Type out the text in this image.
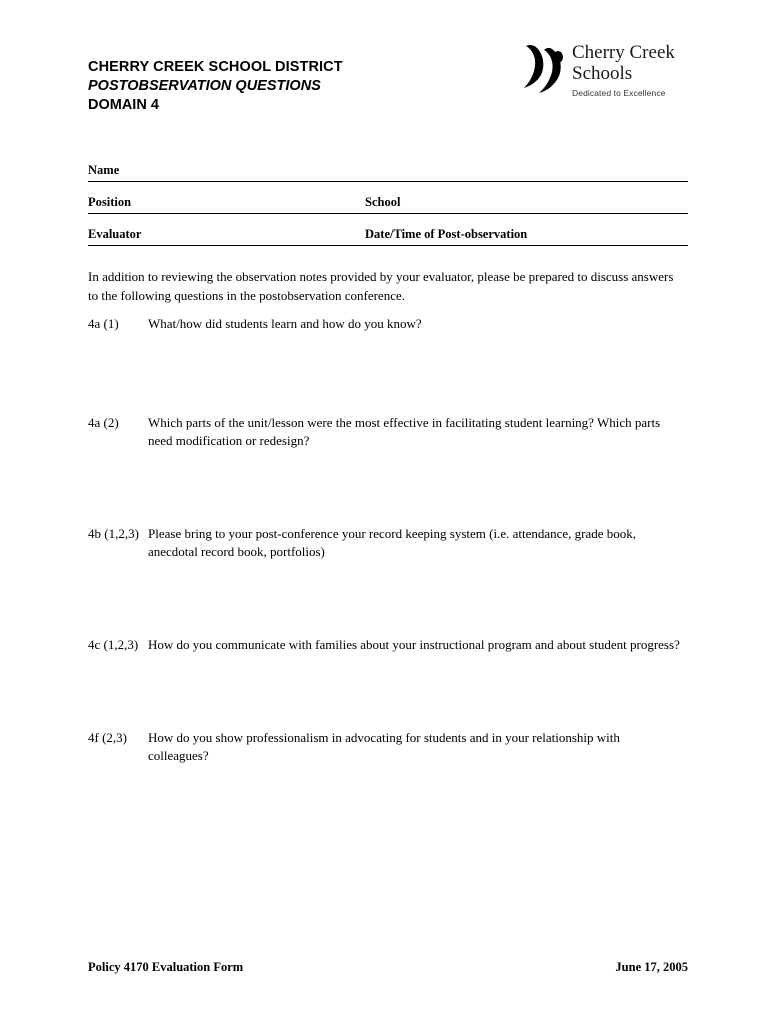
CHERRY CREEK SCHOOL DISTRICT
POSTOBSERVATION QUESTIONS
DOMAIN 4
Cherry Creek
Schools
Dedicated to Excellence
Name
Position	School
Evaluator	Date/Time of Post-observation
In addition to reviewing the observation notes provided by your evaluator, please be prepared to discuss answers to the following questions in the postobservation conference.
4a (1)	What/how did students learn and how do you know?
4a (2)	Which parts of the unit/lesson were the most effective in facilitating student learning? Which parts need modification or redesign?
4b (1,2,3) Please bring to your post-conference your record keeping system (i.e. attendance, grade book, anecdotal record book, portfolios)
4c (1,2,3) How do you communicate with families about your instructional program and about student progress?
4f (2,3)	How do you show professionalism in advocating for students and in your relationship with colleagues?
Policy 4170 Evaluation Form	June 17, 2005
